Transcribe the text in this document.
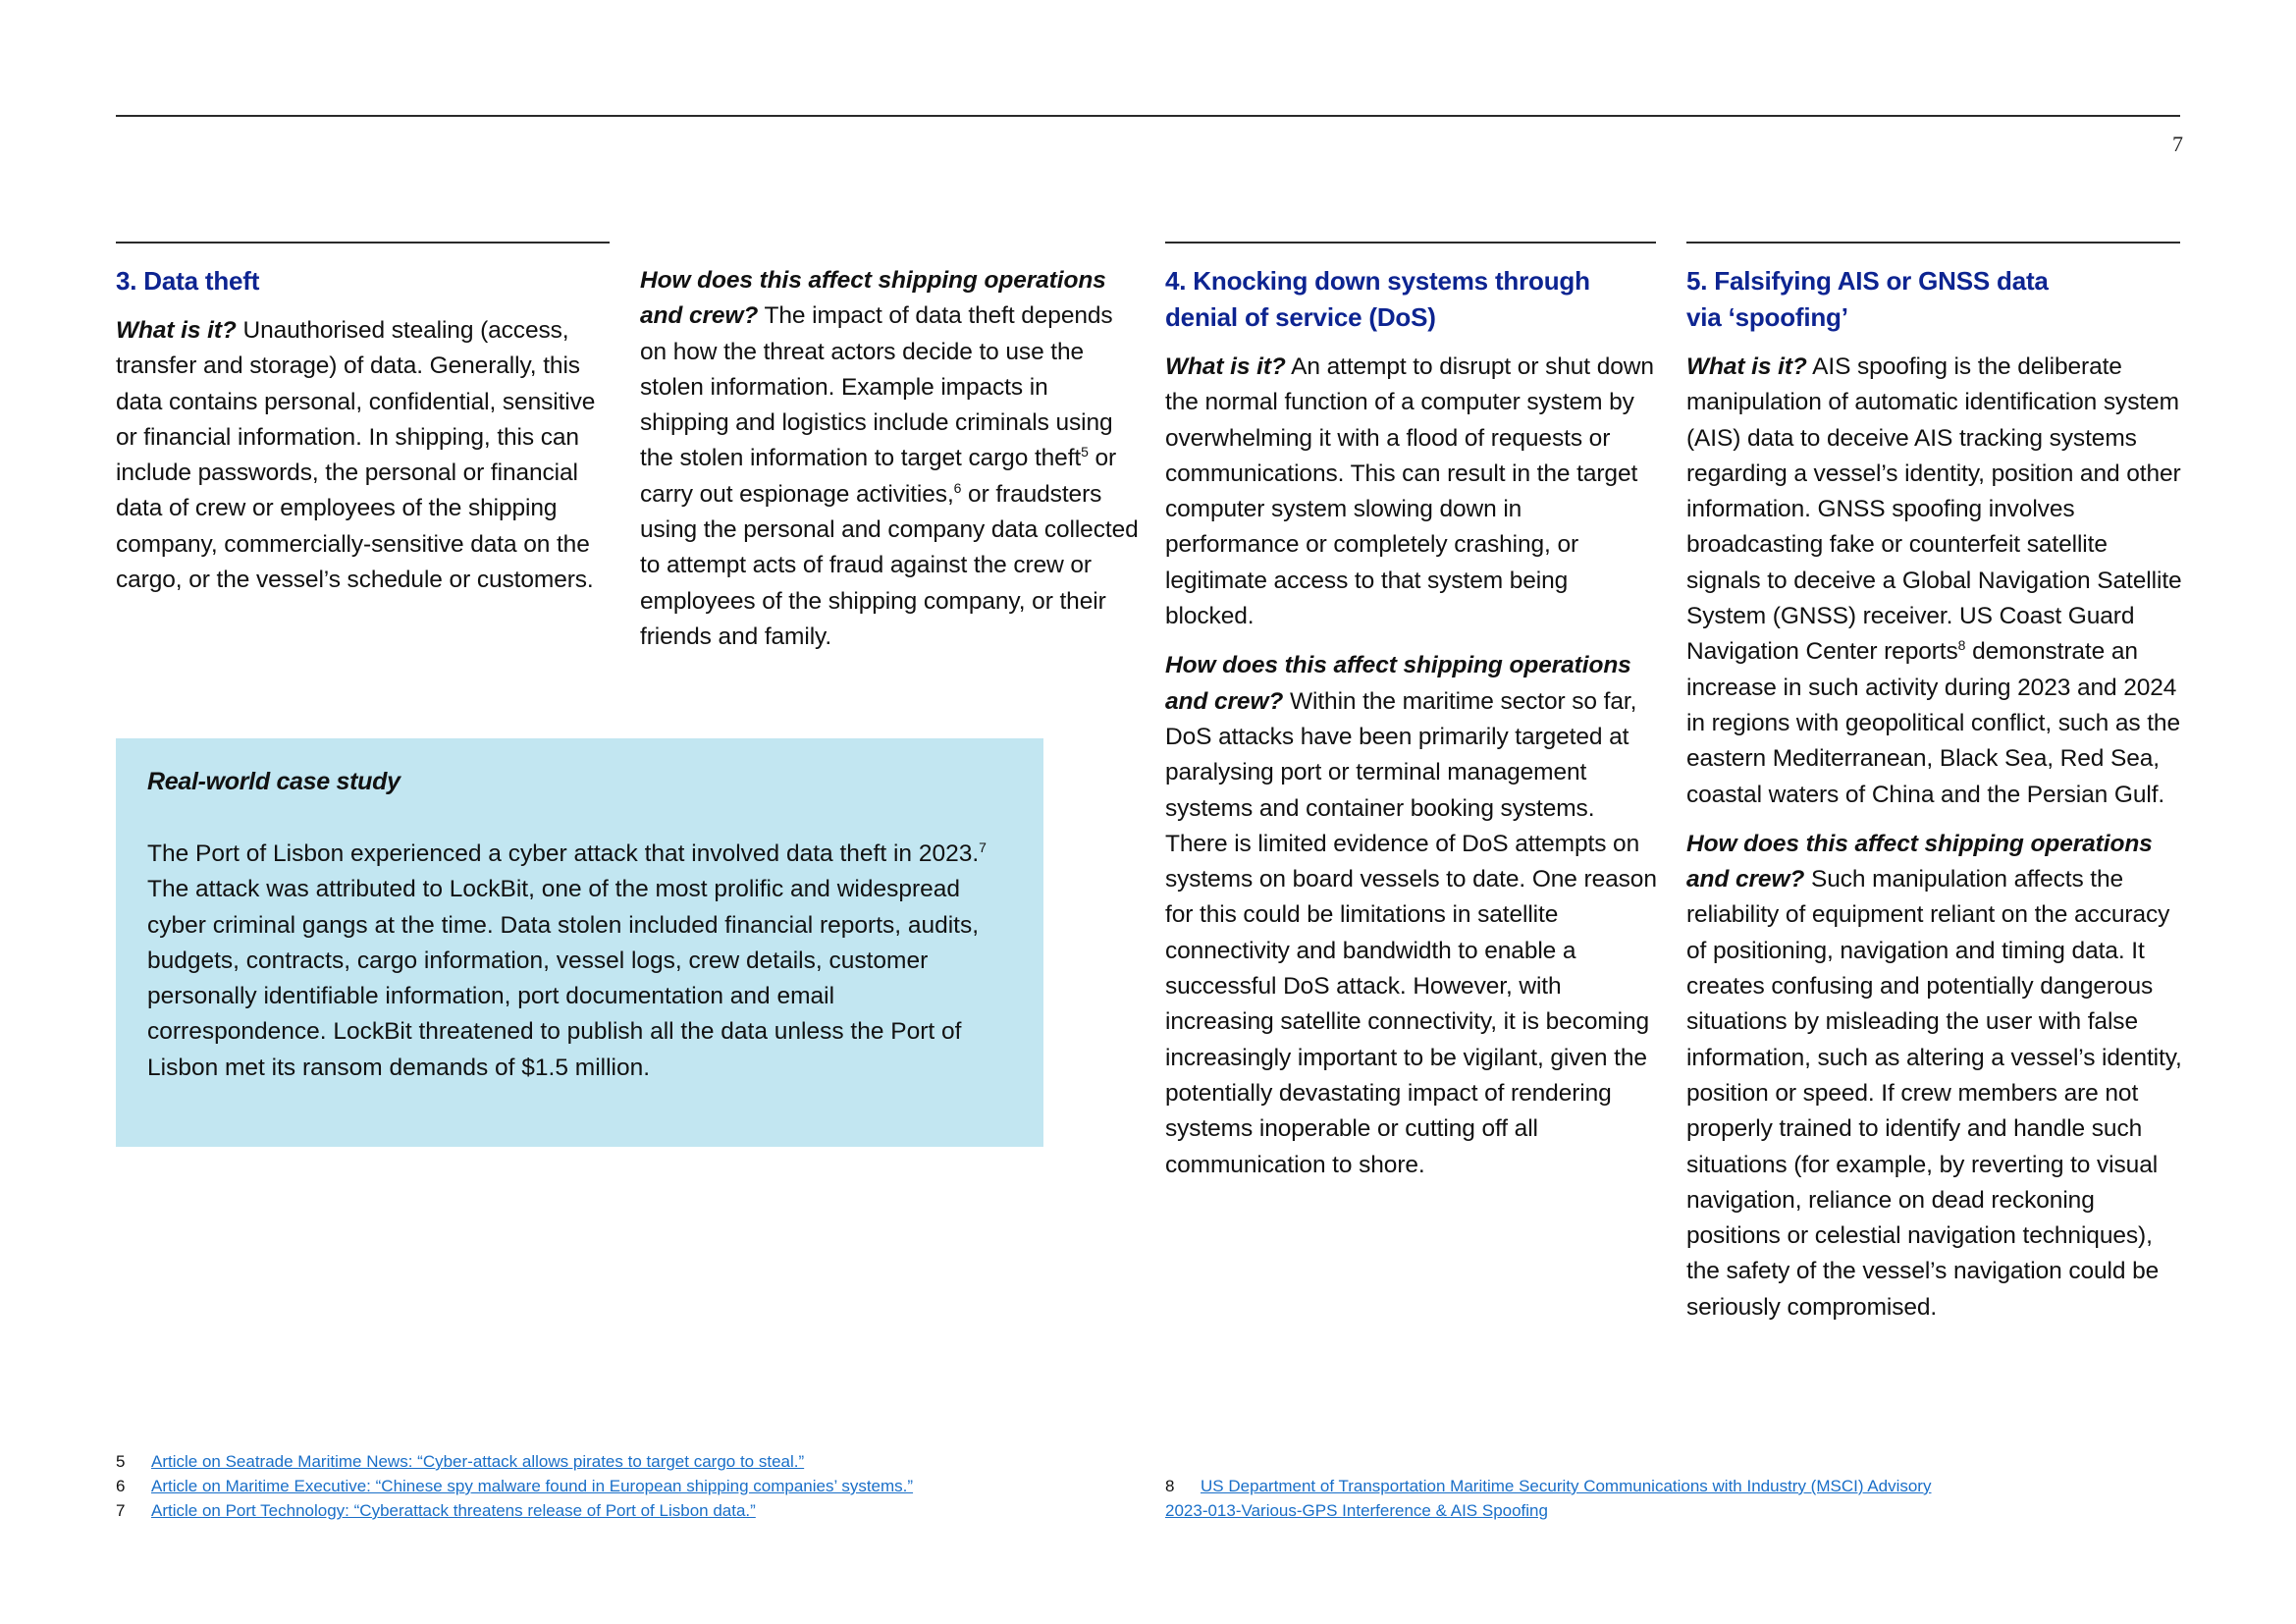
7
3. Data theft

What is it? Unauthorised stealing (access, transfer and storage) of data. Generally, this data contains personal, confidential, sensitive or financial information. In shipping, this can include passwords, the personal or financial data of crew or employees of the shipping company, commercially-sensitive data on the cargo, or the vessel’s schedule or customers.

How does this affect shipping operations and crew? The impact of data theft depends on how the threat actors decide to use the stolen information. Example impacts in shipping and logistics include criminals using the stolen information to target cargo theft$^5$ or carry out espionage activities,$^6$ or fraudsters using the personal and company data collected to attempt acts of fraud against the crew or employees of the shipping company, or their friends and family.

4. Knocking down systems through denial of service (DoS)

What is it? An attempt to disrupt or shut down the normal function of a computer system by overwhelming it with a flood of requests or communications. This can result in the target computer system slowing down in performance or completely crashing, or legitimate access to that system being blocked.

How does this affect shipping operations and crew? Within the maritime sector so far, DoS attacks have been primarily targeted at paralysing port or terminal management systems and container booking systems. There is limited evidence of DoS attempts on systems on board vessels to date. One reason for this could be limitations in satellite connectivity and bandwidth to enable a successful DoS attack. However, with increasing satellite connectivity, it is becoming increasingly important to be vigilant, given the potentially devastating impact of rendering systems inoperable or cutting off all communication to shore.

5. Falsifying AIS or GNSS data via ‘spoofing’

What is it? AIS spoofing is the deliberate manipulation of automatic identification system (AIS) data to deceive AIS tracking systems regarding a vessel’s identity, position and other information. GNSS spoofing involves broadcasting fake or counterfeit satellite signals to deceive a Global Navigation Satellite System (GNSS) receiver. US Coast Guard Navigation Center reports$^8$ demonstrate an increase in such activity during 2023 and 2024 in regions with geopolitical conflict, such as the eastern Mediterranean, Black Sea, Red Sea, coastal waters of China and the Persian Gulf.

How does this affect shipping operations and crew? Such manipulation affects the reliability of equipment reliant on the accuracy of positioning, navigation and timing data. It creates confusing and potentially dangerous situations by misleading the user with false information, such as altering a vessel’s identity, position or speed. If crew members are not properly trained to identify and handle such situations (for example, by reverting to visual navigation, reliance on dead reckoning positions or celestial navigation techniques), the safety of the vessel’s navigation could be seriously compromised.

Real-world case study

The Port of Lisbon experienced a cyber attack that involved data theft in 2023.$^7$ The attack was attributed to LockBit, one of the most prolific and widespread cyber criminal gangs at the time. Data stolen included financial reports, audits, budgets, contracts, cargo information, vessel logs, crew details, customer personally identifiable information, port documentation and email correspondence. LockBit threatened to publish all the data unless the Port of Lisbon met its ransom demands of $1.5 million.

5 Article on Seatrade Maritime News: “Cyber-attack allows pirates to target cargo to steal.”
6 Article on Maritime Executive: “Chinese spy malware found in European shipping companies’ systems.”
7 Article on Port Technology: “Cyberattack threatens release of Port of Lisbon data.”
8 US Department of Transportation Maritime Security Communications with Industry (MSCI) Advisory
2023-013-Various-GPS Interference & AIS Spoofing
